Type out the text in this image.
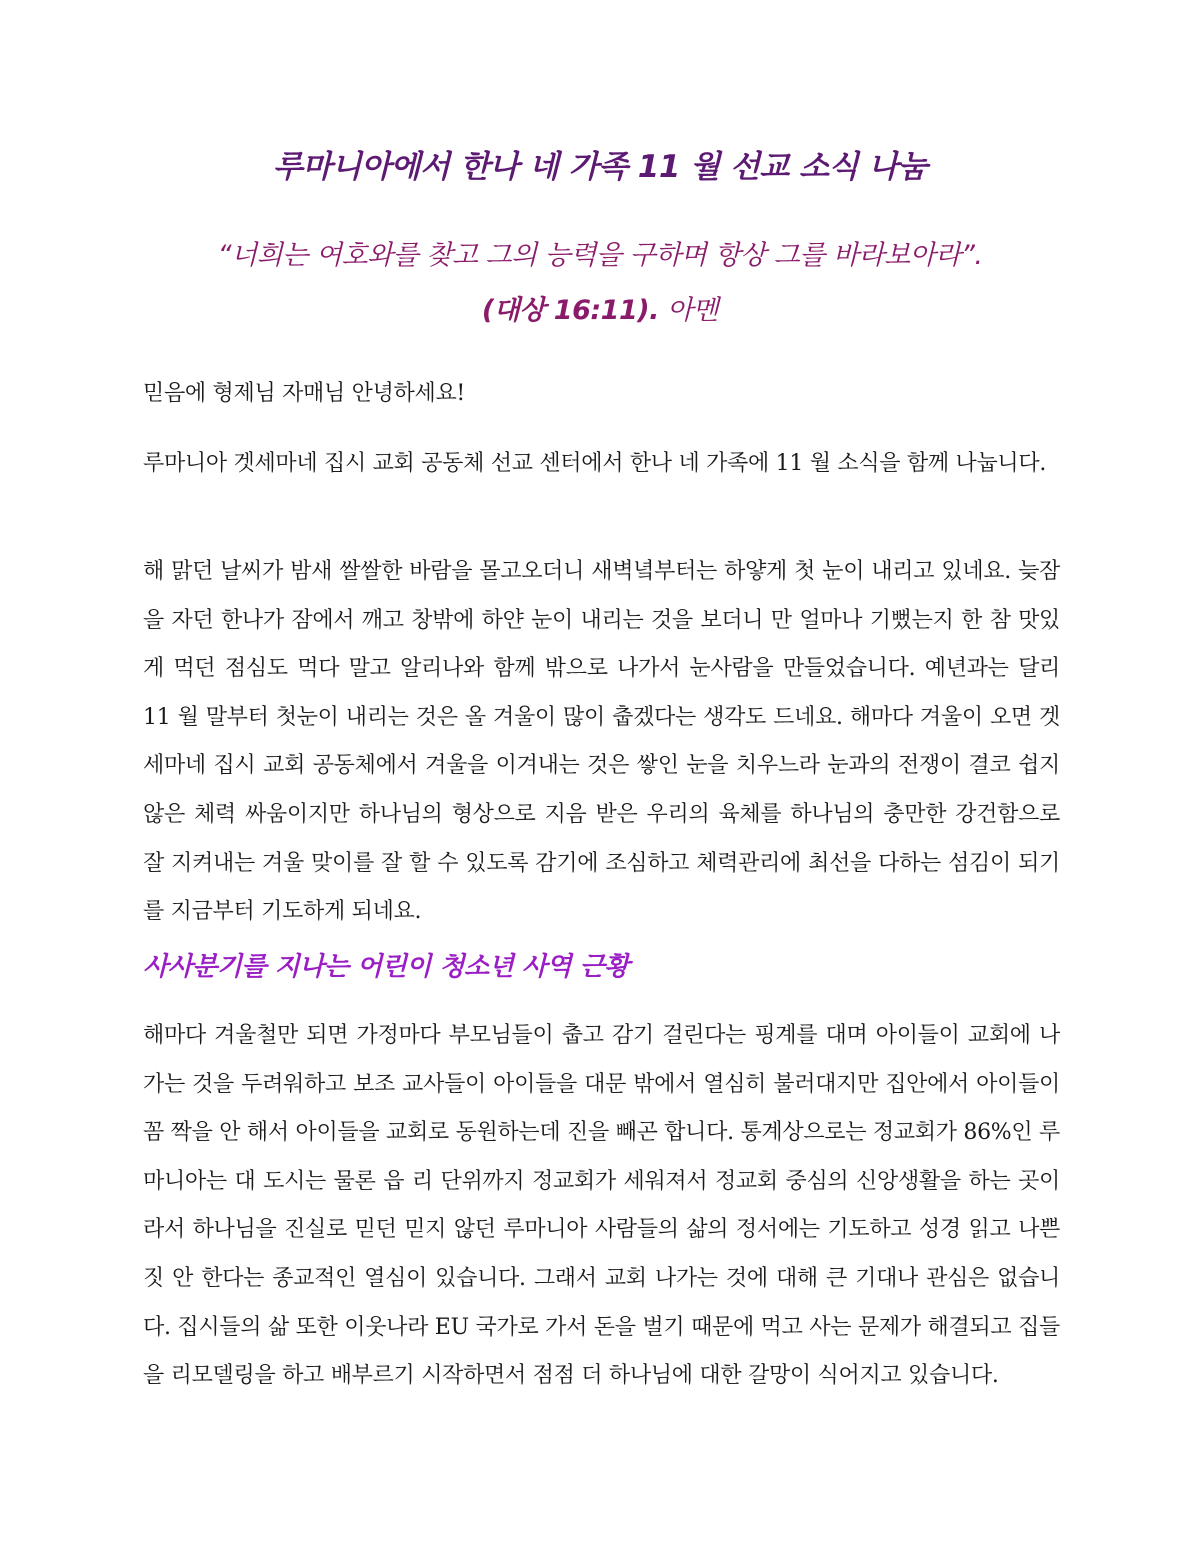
루마니아에서 한나 네 가족 11 월 선교 소식 나눔
“너희는 여호와를 찾고 그의 능력을 구하며 항상 그를 바라보아라”.
(대상 16:11). 아멘
믿음에 형제님 자매님 안녕하세요!
루마니아 겟세마네 집시 교회 공동체 선교 센터에서 한나 네 가족에 11 월 소식을 함께 나눕니다.
해 맑던 날씨가 밤새 쌀쌀한 바람을 몰고오더니 새벽녘부터는 하얗게 첫 눈이 내리고 있네요. 늦잠을 자던 한나가 잠에서 깨고 창밖에 하얀 눈이 내리는 것을 보더니 만 얼마나 기뻤는지 한 참 맛있게 먹던 점심도 먹다 말고 알리나와 함께 밖으로 나가서 눈사람을 만들었습니다. 예년과는 달리 11 월 말부터 첫눈이 내리는 것은 올 겨울이 많이 춥겠다는 생각도 드네요. 해마다 겨울이 오면 겟세마네 집시 교회 공동체에서 겨울을 이겨내는 것은 쌓인 눈을 치우느라 눈과의 전쟁이 결코 쉽지 않은 체력 싸움이지만 하나님의 형상으로 지음 받은 우리의 육체를 하나님의 충만한 강건함으로 잘 지켜내는 겨울 맞이를 잘 할 수 있도록 감기에 조심하고 체력관리에 최선을 다하는 섬김이 되기를 지금부터 기도하게 되네요.
사사분기를 지나는 어린이 청소년 사역 근황
해마다 겨울철만 되면 가정마다 부모님들이 춥고 감기 걸린다는 핑계를 대며 아이들이 교회에 나가는 것을 두려워하고 보조 교사들이 아이들을 대문 밖에서 열심히 불러대지만 집안에서 아이들이 꼼 짝을 안 해서 아이들을 교회로 동원하는데 진을 빼곤 합니다. 통계상으로는 정교회가 86%인 루마니아는 대 도시는 물론 읍 리 단위까지 정교회가 세워져서 정교회 중심의 신앙생활을 하는 곳이라서 하나님을 진실로 믿던 믿지 않던 루마니아 사람들의 삶의 정서에는 기도하고 성경 읽고 나쁜 짓 안 한다는 종교적인 열심이 있습니다. 그래서 교회 나가는 것에 대해 큰 기대나 관심은 없습니다. 집시들의 삶 또한 이웃나라 EU 국가로 가서 돈을 벌기 때문에 먹고 사는 문제가 해결되고 집들을 리모델링을 하고 배부르기 시작하면서 점점 더 하나님에 대한 갈망이 식어지고 있습니다.
